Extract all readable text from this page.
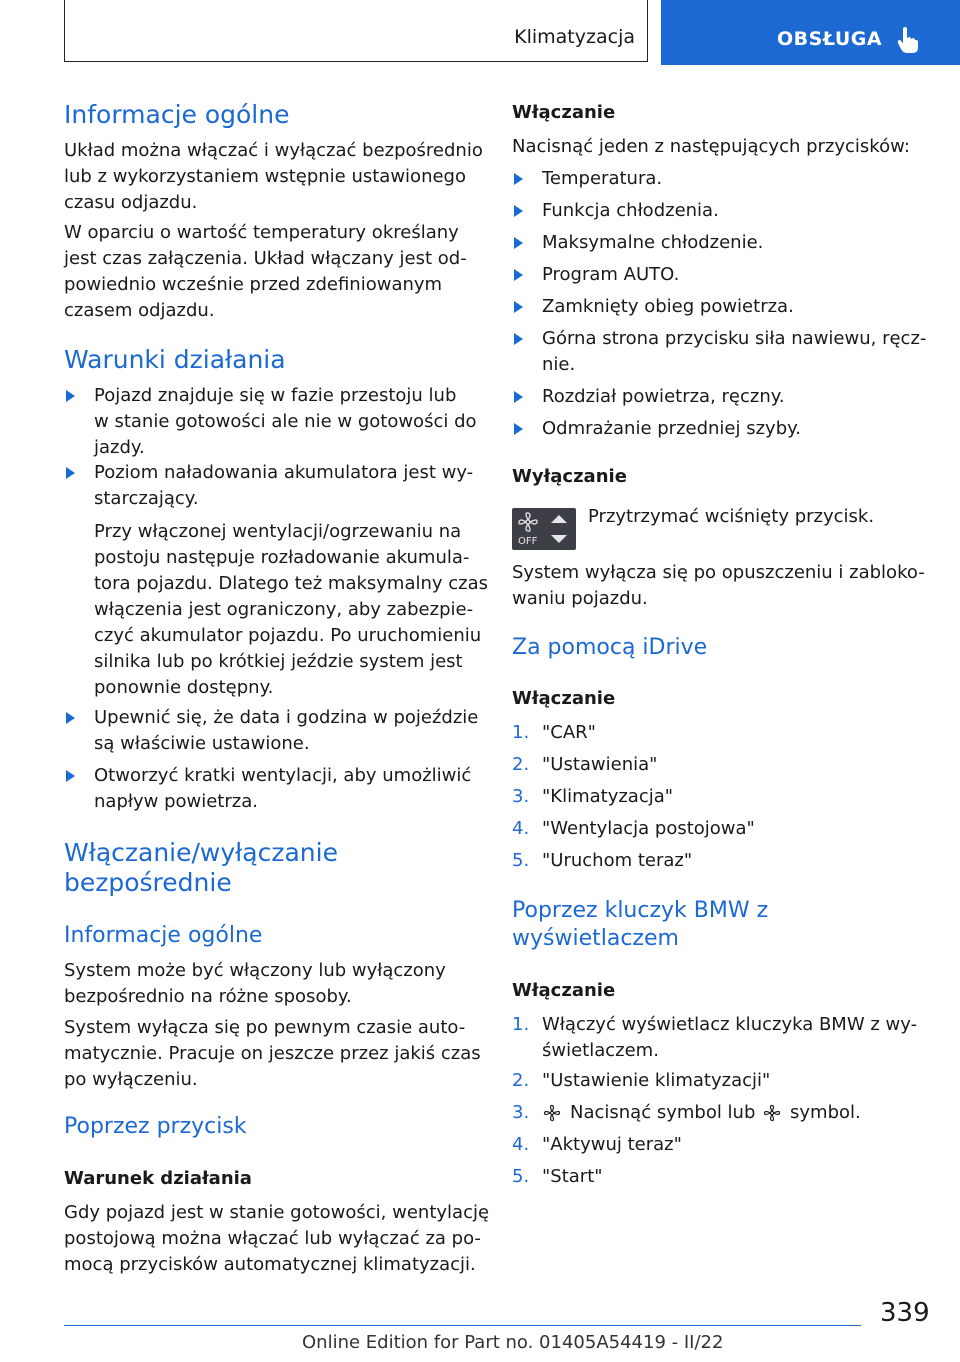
Klimatyzacja	OBSŁUGA
Informacje ogólne
Układ można włączać i wyłączać bezpośrednio
lub z wykorzystaniem wstępnie ustawionego
czasu odjazdu.
W oparciu o wartość temperatury określany
jest czas załączenia. Układ włączany jest od-
powiednio wcześnie przed zdefiniowanym
czasem odjazdu.
Warunki działania
Pojazd znajduje się w fazie przestoju lub
w stanie gotowości ale nie w gotowości do
jazdy.
Poziom naładowania akumulatora jest wy-
starczający.
Przy włączonej wentylacji/ogrzewaniu na
postoju następuje rozładowanie akumula-
tora pojazdu. Dlatego też maksymalny czas
włączenia jest ograniczony, aby zabezpie-
czyć akumulator pojazdu. Po uruchomieniu
silnika lub po krótkiej jeździe system jest
ponownie dostępny.
Upewnić się, że data i godzina w pojeździe
są właściwie ustawione.
Otworzyć kratki wentylacji, aby umożliwić
napływ powietrza.
Włączanie/wyłączanie
bezpośrednie
Informacje ogólne
System może być włączony lub wyłączony
bezpośrednio na różne sposoby.
System wyłącza się po pewnym czasie auto-
matycznie. Pracuje on jeszcze przez jakiś czas
po wyłączeniu.
Poprzez przycisk
Warunek działania
Gdy pojazd jest w stanie gotowości, wentylację
postojową można włączać lub wyłączać za po-
mocą przycisków automatycznej klimatyzacji.
Włączanie
Nacisnąć jeden z następujących przycisków:
Temperatura.
Funkcja chłodzenia.
Maksymalne chłodzenie.
Program AUTO.
Zamknięty obieg powietrza.
Górna strona przycisku siła nawiewu, ręcz-
nie.
Rozdział powietrza, ręczny.
Odmrażanie przedniej szyby.
Wyłączanie
Przytrzymać wciśnięty przycisk.
System wyłącza się po opuszczeniu i zabloko-
waniu pojazdu.
Za pomocą iDrive
Włączanie
1. "CAR"
2. "Ustawienia"
3. "Klimatyzacja"
4. "Wentylacja postojowa"
5. "Uruchom teraz"
Poprzez kluczyk BMW z
wyświetlaczem
Włączanie
1. Włączyć wyświetlacz kluczyka BMW z wy-
świetlaczem.
2. "Ustawienie klimatyzacji"
3. Nacisnąć symbol lub symbol.
4. "Aktywuj teraz"
5. "Start"
OFF
339
Online Edition for Part no. 01405A54419 - II/22
